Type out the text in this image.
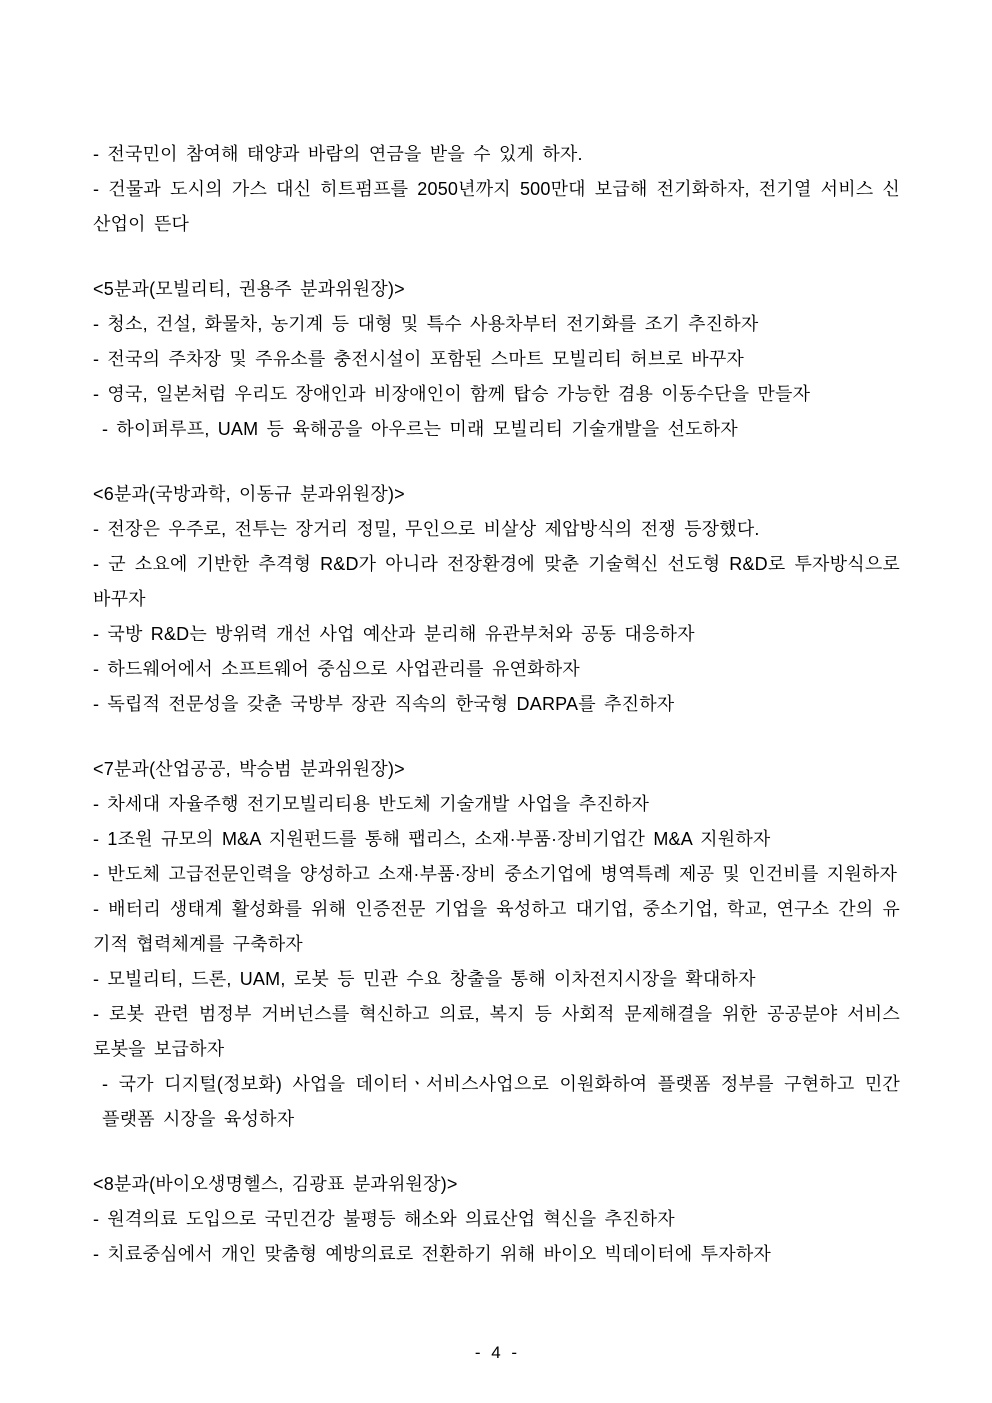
- 전국민이 참여해 태양과 바람의 연금을 받을 수 있게 하자.

- 건물과 도시의 가스 대신 히트펌프를 2050년까지 500만대 보급해 전기화하자, 전기열 서비스 신산업이 뜬다

<5분과(모빌리티, 권용주 분과위원장)>

- 청소, 건설, 화물차, 농기계 등 대형 및 특수 사용차부터 전기화를 조기 추진하자

- 전국의 주차장 및 주유소를 충전시설이 포함된 스마트 모빌리티 허브로 바꾸자

- 영국, 일본처럼 우리도 장애인과 비장애인이 함께 탑승 가능한 겸용 이동수단을 만들자

- 하이퍼루프, UAM 등 육해공을 아우르는 미래 모빌리티 기술개발을 선도하자

<6분과(국방과학, 이동규 분과위원장)>

- 전장은 우주로, 전투는 장거리 정밀, 무인으로 비살상 제압방식의 전쟁 등장했다.

- 군 소요에 기반한 추격형 R&D가 아니라 전장환경에 맞춘 기술혁신 선도형 R&D로 투자방식으로 바꾸자

- 국방 R&D는 방위력 개선 사업 예산과 분리해 유관부처와 공동 대응하자

- 하드웨어에서 소프트웨어 중심으로 사업관리를 유연화하자

- 독립적 전문성을 갖춘 국방부 장관 직속의 한국형 DARPA를 추진하자

<7분과(산업공공, 박승범 분과위원장)>

- 차세대 자율주행 전기모빌리티용 반도체 기술개발 사업을 추진하자

- 1조원 규모의 M&A 지원펀드를 통해 팹리스, 소재·부품·장비기업간 M&A 지원하자

- 반도체 고급전문인력을 양성하고 소재·부품·장비 중소기업에 병역특례 제공 및 인건비를 지원하자

- 배터리 생태계 활성화를 위해 인증전문 기업을 육성하고 대기업, 중소기업, 학교, 연구소 간의 유기적 협력체계를 구축하자

- 모빌리티, 드론, UAM, 로봇 등 민관 수요 창출을 통해 이차전지시장을 확대하자

- 로봇 관련 범정부 거버넌스를 혁신하고 의료, 복지 등 사회적 문제해결을 위한 공공분야 서비스 로봇을 보급하자

- 국가 디지털(정보화) 사업을 데이터ㆍ서비스사업으로 이원화하여 플랫폼 정부를 구현하고 민간 플랫폼 시장을 육성하자

<8분과(바이오생명헬스, 김광표 분과위원장)>

- 원격의료 도입으로 국민건강 불평등 해소와 의료산업 혁신을 추진하자

- 치료중심에서 개인 맞춤형 예방의료로 전환하기 위해 바이오 빅데이터에 투자하자

- 4 -
